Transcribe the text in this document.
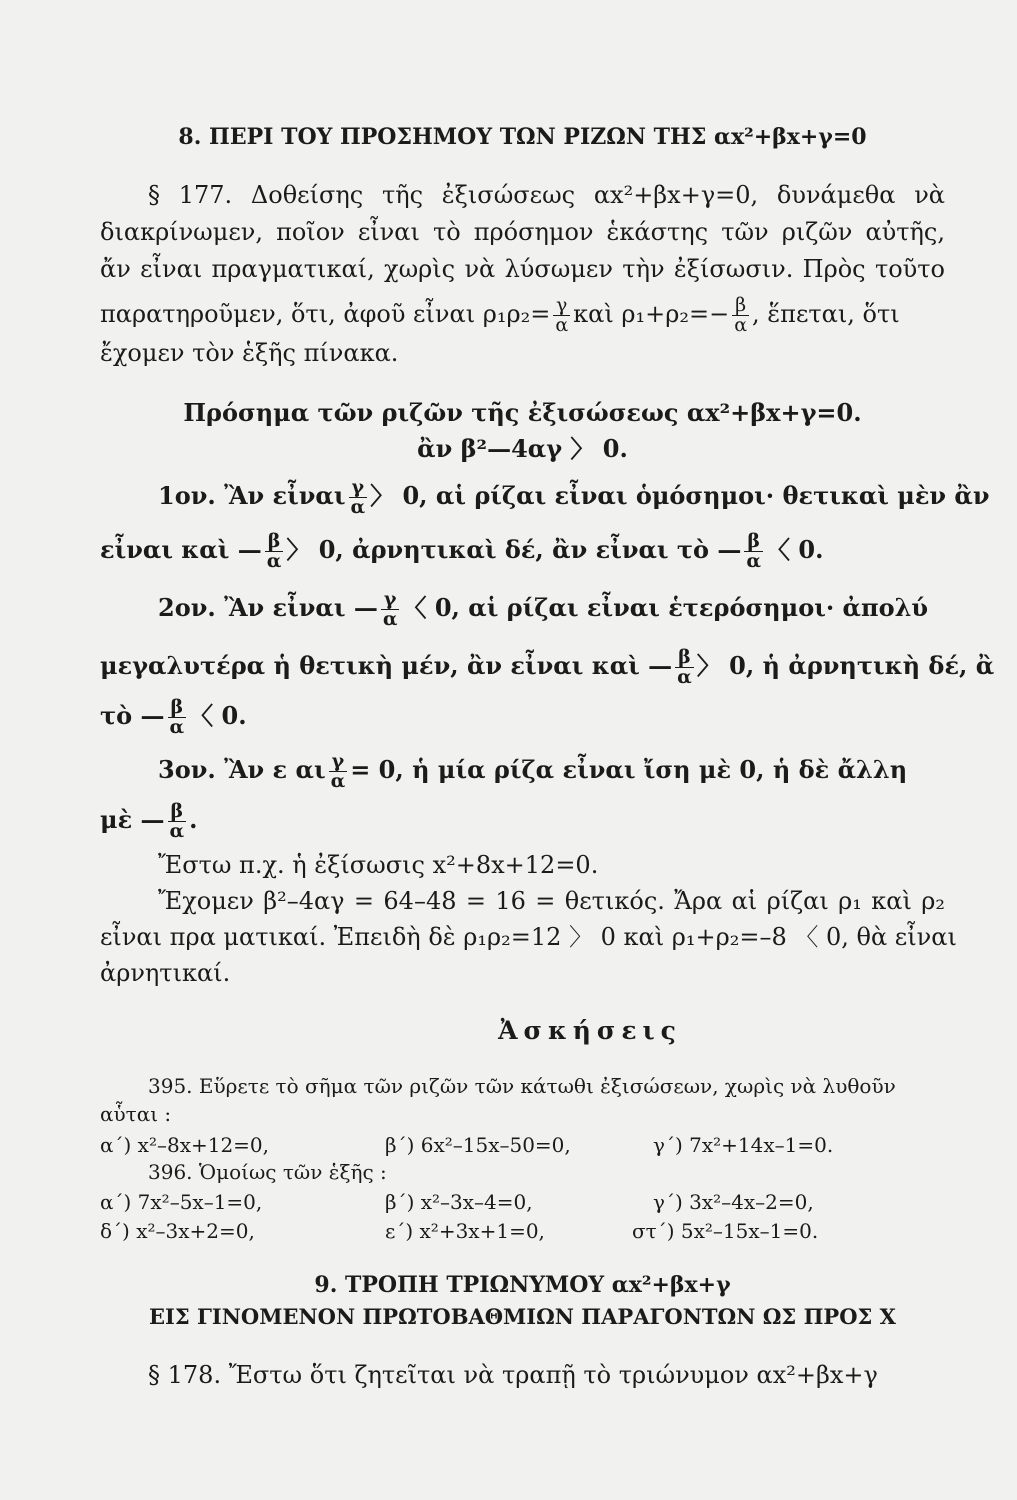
8. ΠΕΡΙ ΤΟΥ ΠΡΟΣΗΜΟΥ ΤΩΝ ΡΙΖΩΝ ΤΗΣ αx²+βx+γ=0
§ 177. Δοθείσης τῆς ἐξισώσεως αx²+βx+γ=0, δυνάμεθα νὰ
διακρίνωμεν, ποῖον εἶναι τὸ πρόσημον ἑκάστης τῶν ριζῶν αὐτῆς,
ἄν εἶναι πραγματικαί, χωρὶς νὰ λύσωμεν τὴν ἐξίσωσιν. Πρὸς τοῦτο
παρατηροῦμεν, ὅτι, ἀφοῦ εἶναι $\rho_1\rho_2= \frac{\gamma}{\alpha}$ καὶ $\rho_1+\rho_2=- \frac{\beta}{\alpha}$ , ἕπεται, ὅτι
ἔχομεν τὸν ἑξῆς πίνακα.
Πρόσημα τῶν ριζῶν τῆς ἐξισώσεως αx²+βx+γ=0.
ἂν β²—4αγ 〉 0.
1ον. Ἂν εἶναι $\frac{\gamma}{\alpha}$ 〉 0, αἱ ρίζαι εἶναι ὁμόσημοι· θετικαὶ μὲν ἂν
εἶναι καὶ — $\frac{\beta}{\alpha}$ 〉 0, ἀρνητικαὶ δέ, ἂν εἶναι τὸ — $\frac{\beta}{\alpha}$ 〈 0.
2ον. Ἂν εἶναι — $\frac{\gamma}{\alpha}$ 〈 0, αἱ ρίζαι εἶναι ἑτερόσημοι· ἀπολύ
μεγαλυτέρα ἡ θετικὴ μέν, ἂν εἶναι καὶ — $\frac{\beta}{\alpha}$ 〉 0, ἡ ἀρνητικὴ δέ, ἂ
τὸ — $\frac{\beta}{\alpha}$ 〈 0.
3ον. Ἂν ε αι $\frac{\gamma}{\alpha} = 0$, ἡ μία ρίζα εἶναι ἴση μὲ 0, ἡ δὲ ἄλλη
μὲ — $\frac{\beta}{\alpha}$ .
Ἔστω π.χ. ἡ ἐξίσωσις x²+8x+12=0.
Ἔχομεν β²–4αγ = 64–48 = 16 = θετικός. Ἄρα αἱ ρίζαι ρ₁ καὶ ρ₂
εἶναι πρα ματικαί. Ἐπειδὴ δὲ ρ₁ρ₂=12 〉 0 καὶ ρ₁+ρ₂=–8 〈 0, θὰ εἶναι
ἀρνητικαί.
Ἀσκήσεις
395. Εὕρετε τὸ σῆμα τῶν ριζῶν τῶν κάτωθι ἐξισώσεων, χωρὶς νὰ λυθοῦν
αὗται :
α΄) x²–8x+12=0,	β΄) 6x²–15x–50=0,	γ΄) 7x²+14x–1=0.
396. Ὁμοίως τῶν ἑξῆς :
α΄) 7x²–5x–1=0,	β΄) x²–3x–4=0,	γ΄) 3x²–4x–2=0,
δ΄) x²–3x+2=0,	ε΄) x²+3x+1=0,	στ΄) 5x²–15x–1=0.
9. ΤΡΟΠΗ ΤΡΙΩΝΥΜΟΥ αx²+βx+γ
ΕΙΣ ΓΙΝΟΜΕΝΟΝ ΠΡΩΤΟΒΑΘΜΙΩΝ ΠΑΡΑΓΟΝΤΩΝ ΩΣ ΠΡΟΣ Χ
§ 178. Ἔστω ὅτι ζητεῖται νὰ τραπῇ τὸ τριώνυμον αx²+βx+γ
